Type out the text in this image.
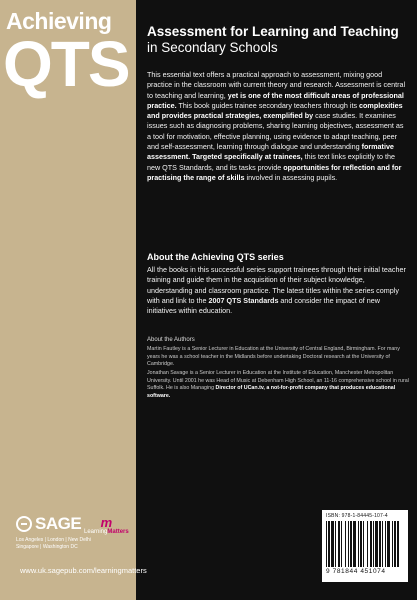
Achieving
QTS Assessment for Learning and Teaching in Secondary Schools
This essential text offers a practical approach to assessment, mixing good practice in the classroom with current theory and research. Assessment is central to teaching and learning, yet is one of the most difficult areas of professional practice. This book guides trainee secondary teachers through its complexities and provides practical strategies, exemplified by case studies. It examines issues such as diagnosing problems, sharing learning objectives, assessment as a tool for motivation, effective planning, using evidence to adapt teaching, peer and self-assessment, learning through dialogue and understanding formative assessment. Targeted specifically at trainees, this text links explicitly to the new QTS Standards, and its tasks provide opportunities for reflection and for practising the range of skills involved in assessing pupils.
About the Achieving QTS series
All the books in this successful series support trainees through their initial teacher training and guide them in the acquisition of their subject knowledge, understanding and classroom practice. The latest titles within the series comply with and link to the 2007 QTS Standards and consider the impact of new initiatives within education.
About the Authors
Martin Fautley is a Senior Lecturer in Education at the University of Central England, Birmingham. For many years he was a school teacher in the Midlands before undertaking Doctoral research at the University of Cambridge.
Jonathan Savage is a Senior Lecturer in Education at the Institute of Education, Manchester Metropolitan University. Until 2001 he was Head of Music at Debenham High School, an 11-16 comprehensive school in rural Suffolk. He is also Managing Director of UCan.tv, a not-for-profit company that produces educational software.
SAGE
Los Angeles | London | New Delhi Singapore | Washington DC
m
LearningMatters
www.uk.sagepub.com/learningmatters
ISBN: 978-1-84445-107-4
9 781844 451074
